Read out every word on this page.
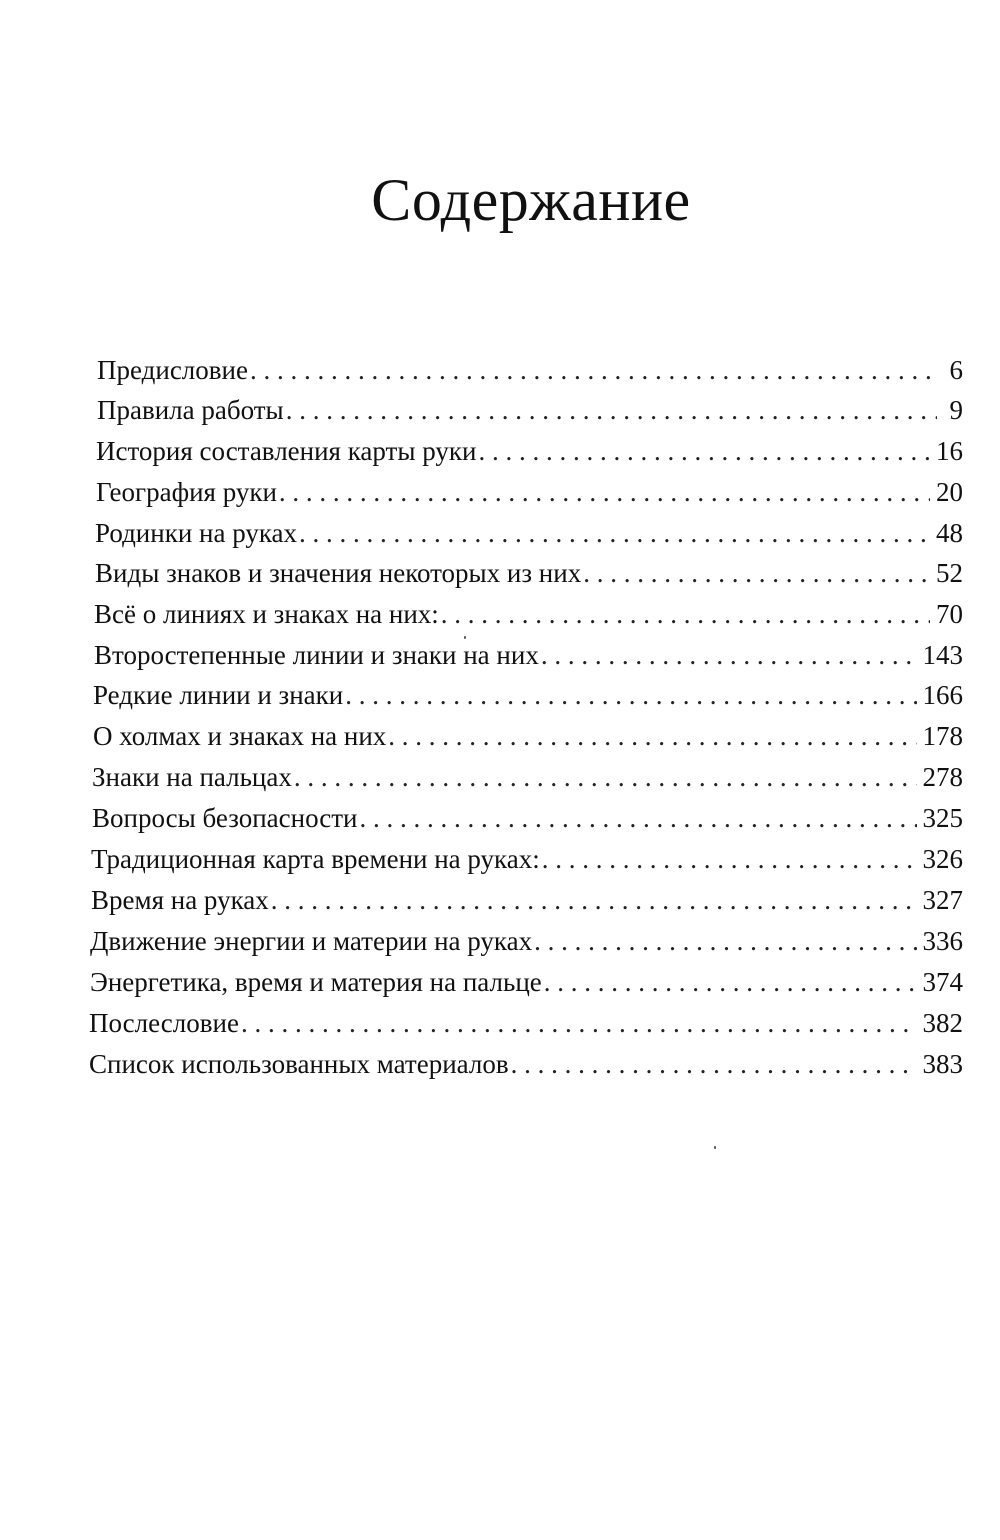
Содержание
Предисловие . . .	6
Правила работы . . .	9
История составления карты руки . . .	16
География руки . . .	20
Родинки на руках . . .	48
Виды знаков и значения некоторых из них . . .	52
Всё о линиях и знаках на них: . . .	70
Второстепенные линии и знаки на них . . .	143
Редкие линии и знаки . . .	166
О холмах и знаках на них . . .	178
Знаки на пальцах . . .	278
Вопросы безопасности . . .	325
Традиционная карта времени на руках: . . .	326
Время на руках . . .	327
Движение энергии и материи на руках . . .	336
Энергетика, время и материя на пальце . . .	374
Послесловие . . .	382
Список использованных материалов . . .	383
